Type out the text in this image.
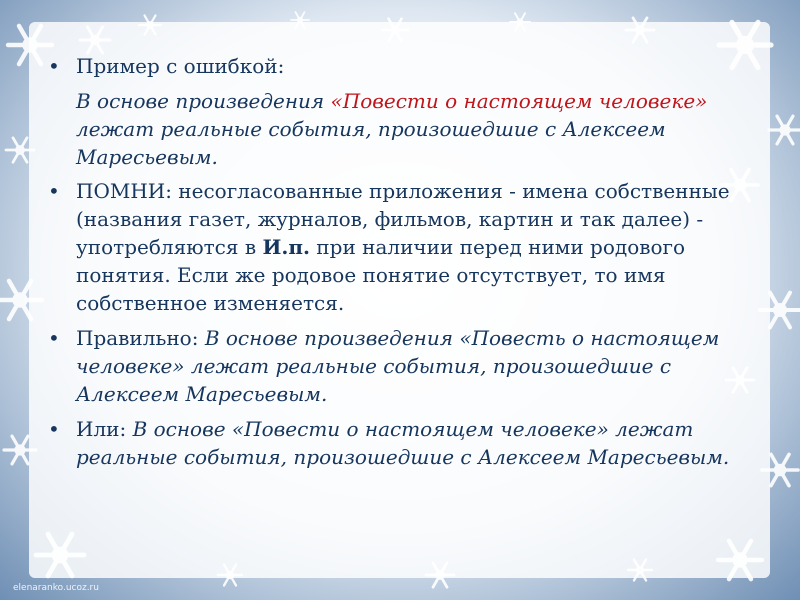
• Пример с ошибкой:
В основе произведения «Повести о настоящем человеке» лежат реальные события, произошедшие с Алексеем Маресьевым.
• ПОМНИ: несогласованные приложения - имена собственные (названия газет, журналов, фильмов, картин и так далее) - употребляются в И.п. при наличии перед ними родового понятия. Если же родовое понятие отсутствует, то имя собственное изменяется.
• Правильно: В основе произведения «Повесть о настоящем человеке» лежат реальные события, произошедшие с Алексеем Маресьевым.
• Или: В основе «Повести о настоящем человеке» лежат реальные события, произошедшие с Алексеем Маресьевым.
elenaranko.ucoz.ru
